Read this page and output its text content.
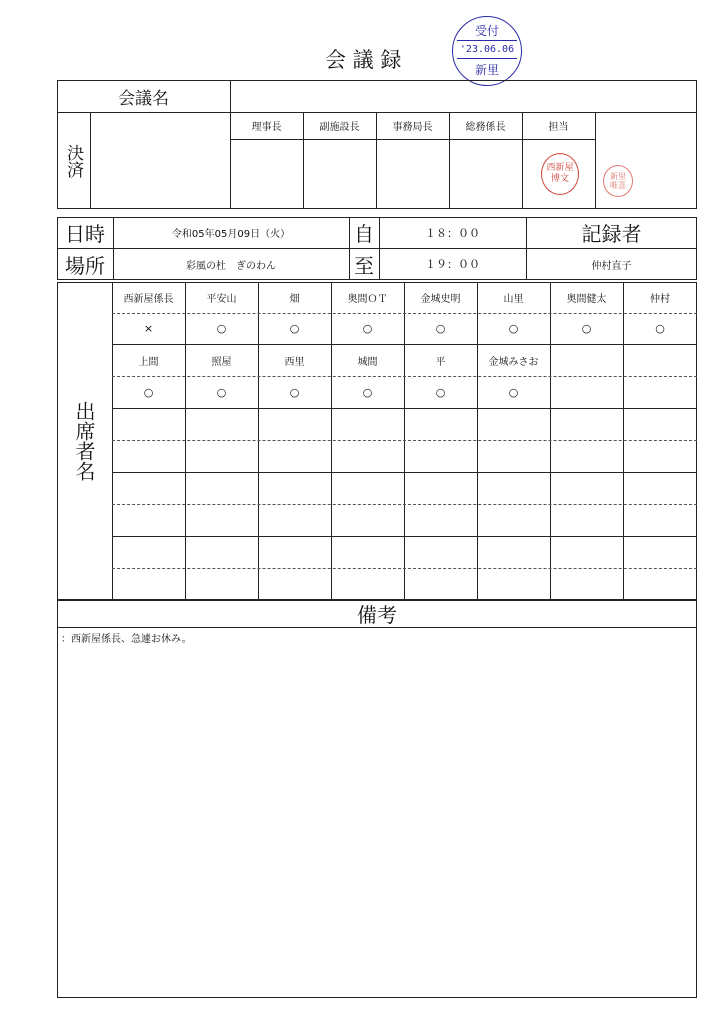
会 議 録
受付
'23.06.06
新里
会議名
決済
理事長	副施設長	事務局長	総務係長	担当
西新屋
博文	新里
唯喜
日時	令和05年05月09日（火）	自	１８：００	記録者
場所	彩風の杜　ぎのわん	至	１９：００	仲村直子
出席者名
西新屋係長	平安山	畑	奥間ＯＴ	金城史明	山里	奥間健太	仲村
×	○	○	○	○	○	○	○
上間	照屋	西里	城間	平	金城みさお
○	○	○	○	○	○
備考
：西新屋係長、急遽お休み。
